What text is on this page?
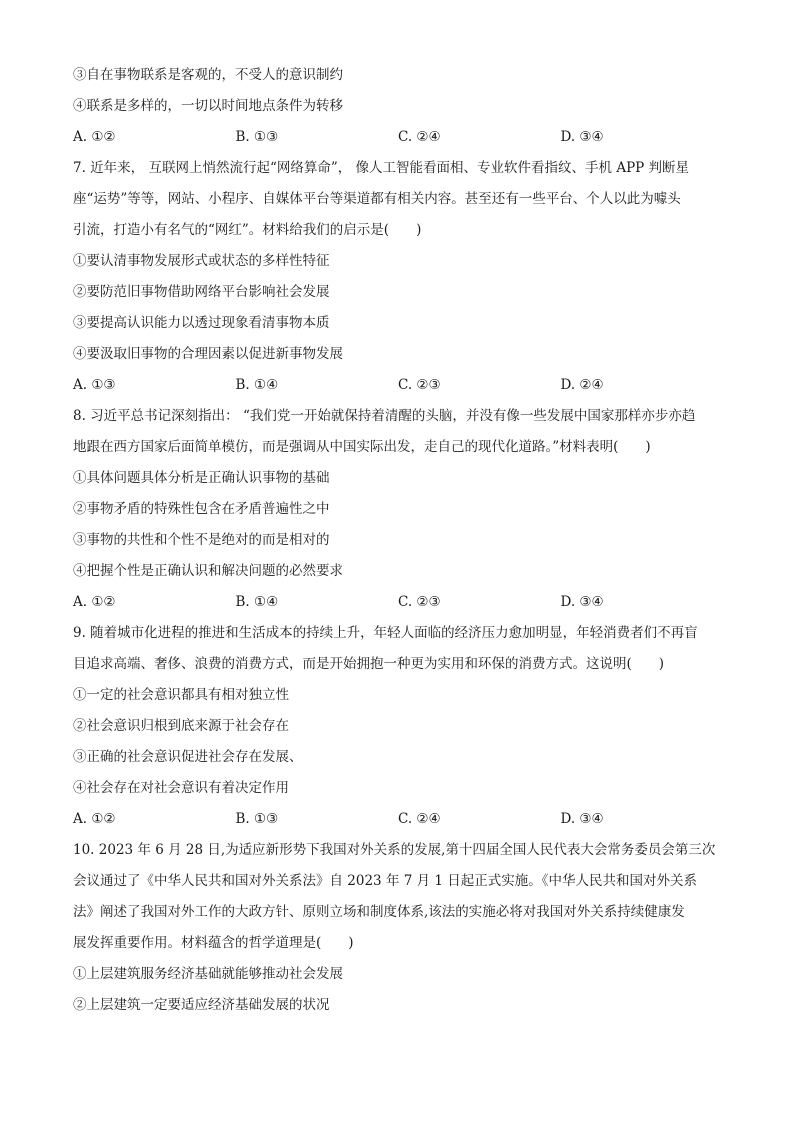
③自在事物联系是客观的，不受人的意识制约
④联系是多样的，一切以时间地点条件为转移
A. ①②	B. ①③	C. ②④	D. ③④
7. 近年来， 互联网上悄然流行起“网络算命”， 像人工智能看面相、专业软件看指纹、手机 APP 判断星
座“运势”等等，网站、小程序、自媒体平台等渠道都有相关内容。甚至还有一些平台、个人以此为噱头
引流，打造小有名气的“网红”。材料给我们的启示是(　　)
①要认清事物发展形式或状态的多样性特征
②要防范旧事物借助网络平台影响社会发展
③要提高认识能力以透过现象看清事物本质
④要汲取旧事物的合理因素以促进新事物发展
A. ①③	B. ①④	C. ②③	D. ②④
8. 习近平总书记深刻指出： “我们党一开始就保持着清醒的头脑，并没有像一些发展中国家那样亦步亦趋
地跟在西方国家后面简单模仿，而是强调从中国实际出发，走自己的现代化道路。”材料表明(　　)
①具体问题具体分析是正确认识事物的基础
②事物矛盾的特殊性包含在矛盾普遍性之中
③事物的共性和个性不是绝对的而是相对的
④把握个性是正确认识和解决问题的必然要求
A. ①②	B. ①④	C. ②③	D. ③④
9. 随着城市化进程的推进和生活成本的持续上升，年轻人面临的经济压力愈加明显，年轻消费者们不再盲
目追求高端、奢侈、浪费的消费方式，而是开始拥抱一种更为实用和环保的消费方式。这说明(　　)
①一定的社会意识都具有相对独立性
②社会意识归根到底来源于社会存在
③正确的社会意识促进社会存在发展、
④社会存在对社会意识有着决定作用
A. ①②	B. ①③	C. ②④	D. ③④
10. 2023 年 6 月 28 日,为适应新形势下我国对外关系的发展,第十四届全国人民代表大会常务委员会第三次
会议通过了《中华人民共和国对外关系法》自 2023 年 7 月 1 日起正式实施。《中华人民共和国对外关系
法》阐述了我国对外工作的大政方针、原则立场和制度体系,该法的实施必将对我国对外关系持续健康发
展发挥重要作用。材料蕴含的哲学道理是(　　)
①上层建筑服务经济基础就能够推动社会发展
②上层建筑一定要适应经济基础发展的状况
